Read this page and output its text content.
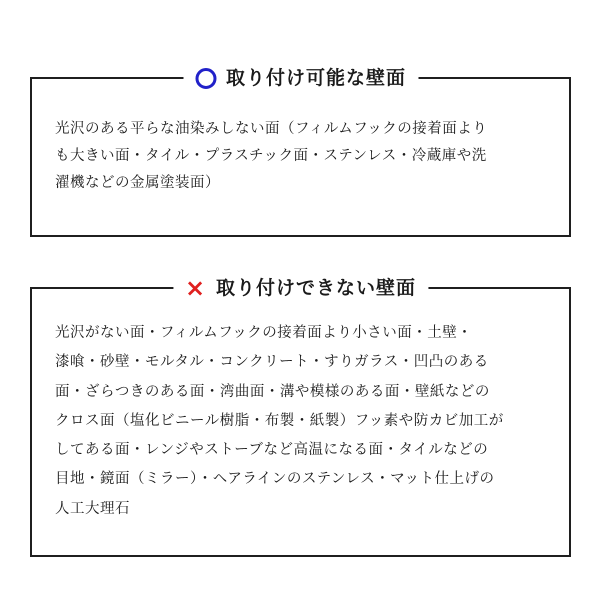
取り付け可能な壁面
光沢のある平らな油染みしない面（フィルムフックの接着面より
も大きい面・タイル・プラスチック面・ステンレス・冷蔵庫や洗
濯機などの金属塗装面）
× 取り付けできない壁面
光沢がない面・フィルムフックの接着面より小さい面・土壁・
漆喰・砂壁・モルタル・コンクリート・すりガラス・凹凸のある
面・ざらつきのある面・湾曲面・溝や模様のある面・壁紙などの
クロス面（塩化ビニール樹脂・布製・紙製）フッ素や防カビ加工が
してある面・レンジやストーブなど高温になる面・タイルなどの
目地・鏡面（ミラー）・ヘアラインのステンレス・マット仕上げの
人工大理石
